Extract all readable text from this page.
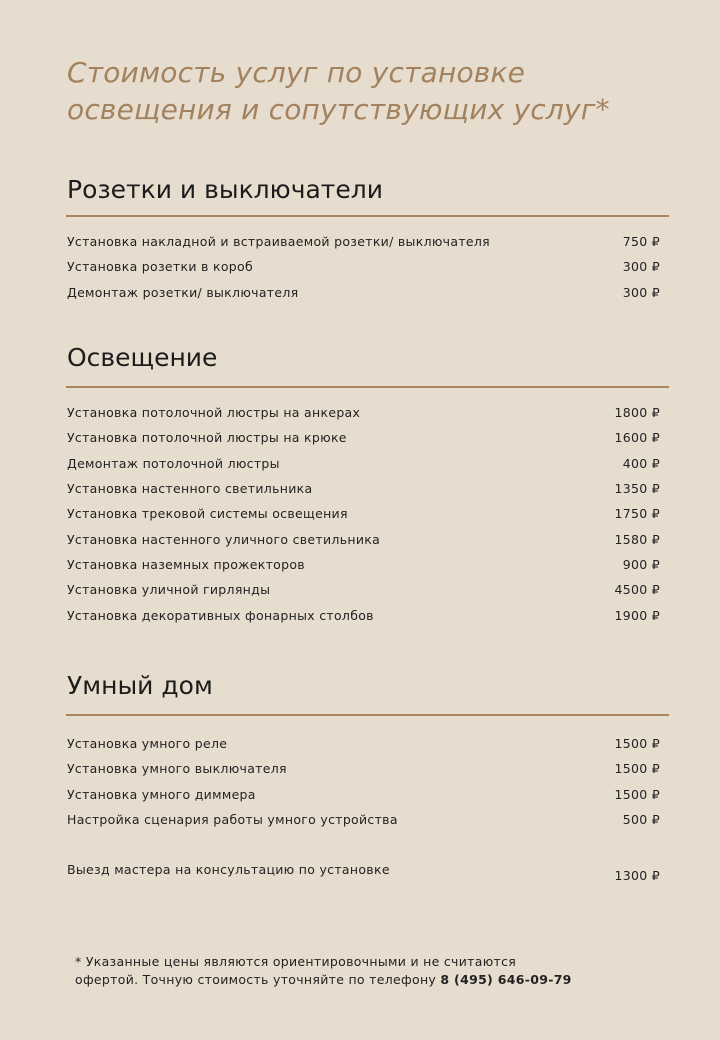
Стоимость услуг по установке освещения и сопутствующих услуг*
Розетки и выключатели
Установка накладной и встраиваемой розетки/ выключателя	750 ₽
Установка розетки в короб	300 ₽
Демонтаж розетки/ выключателя	300 ₽
Освещение
Установка потолочной люстры на анкерах	1800 ₽
Установка потолочной люстры на крюке	1600 ₽
Демонтаж потолочной люстры	400 ₽
Установка настенного светильника	1350 ₽
Установка трековой системы освещения	1750 ₽
Установка настенного уличного светильника	1580 ₽
Установка наземных прожекторов	900 ₽
Установка уличной гирлянды	4500 ₽
Установка декоративных фонарных столбов	1900 ₽
Умный дом
Установка умного реле	1500 ₽
Установка умного выключателя	1500 ₽
Установка умного диммера	1500 ₽
Настройка сценария работы умного устройства	500 ₽
Выезд мастера на консультацию по установке	1300 ₽
* Указанные цены являются ориентировочными и не считаются
офертой. Точную стоимость уточняйте по телефону 8 (495) 646-09-79
